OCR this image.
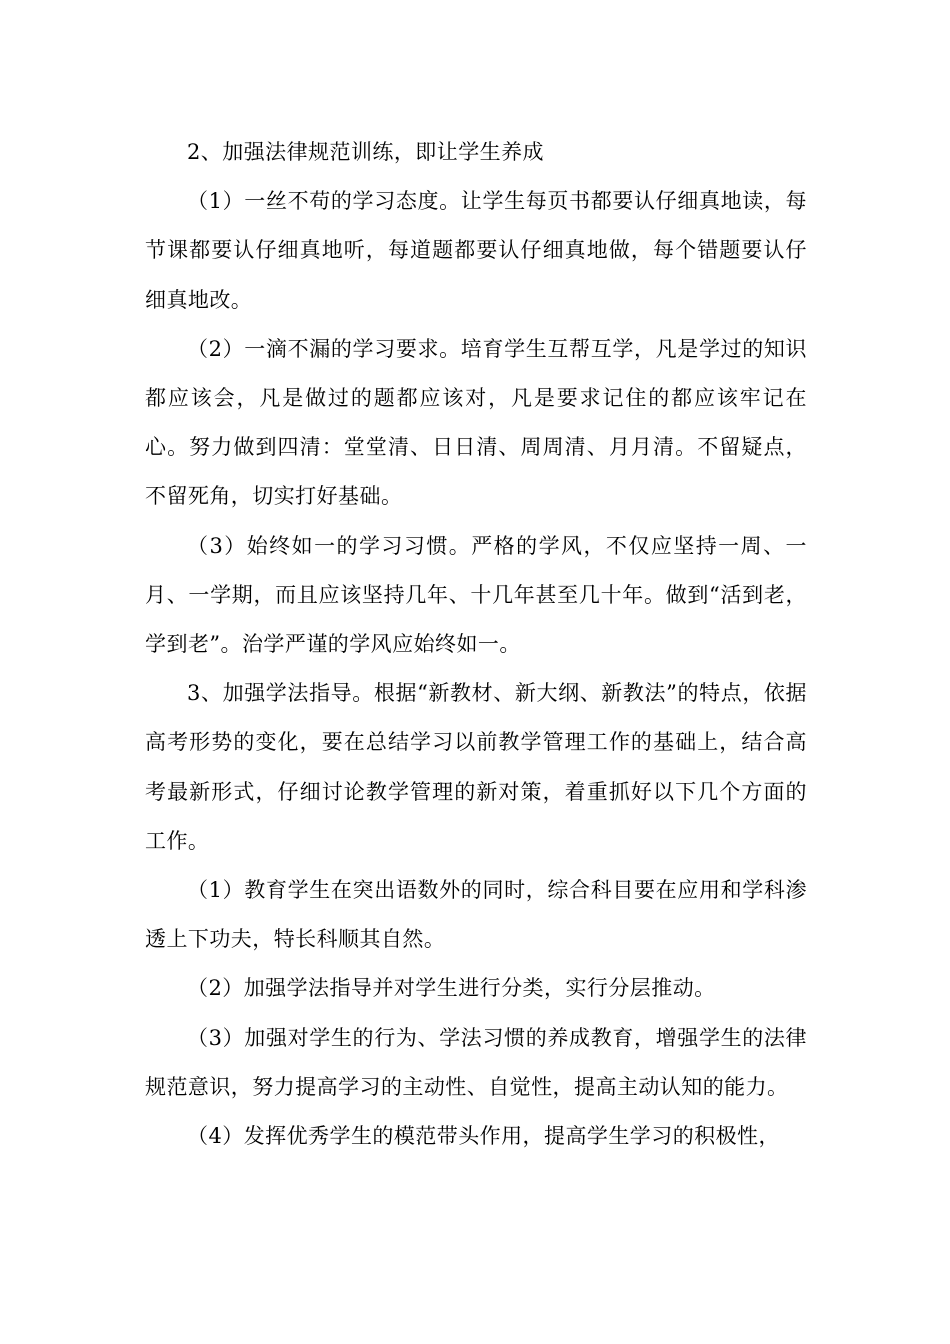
2、加强法律规范训练，即让学生养成

（1）一丝不苟的学习态度。让学生每页书都要认仔细真地读，每节课都要认仔细真地听，每道题都要认仔细真地做，每个错题要认仔细真地改。

（2）一滴不漏的学习要求。培育学生互帮互学，凡是学过的知识都应该会，凡是做过的题都应该对，凡是要求记住的都应该牢记在心。努力做到四清：堂堂清、日日清、周周清、月月清。不留疑点，不留死角，切实打好基础。

（3）始终如一的学习习惯。严格的学风，不仅应坚持一周、一月、一学期，而且应该坚持几年、十几年甚至几十年。做到“活到老，学到老”。治学严谨的学风应始终如一。

3、加强学法指导。根据“新教材、新大纲、新教法”的特点，依据高考形势的变化，要在总结学习以前教学管理工作的基础上，结合高考最新形式，仔细讨论教学管理的新对策，着重抓好以下几个方面的工作。

（1）教育学生在突出语数外的同时，综合科目要在应用和学科渗透上下功夫，特长科顺其自然。

（2）加强学法指导并对学生进行分类，实行分层推动。

（3）加强对学生的行为、学法习惯的养成教育，增强学生的法律规范意识，努力提高学习的主动性、自觉性，提高主动认知的能力。

（4）发挥优秀学生的模范带头作用，提高学生学习的积极性，
